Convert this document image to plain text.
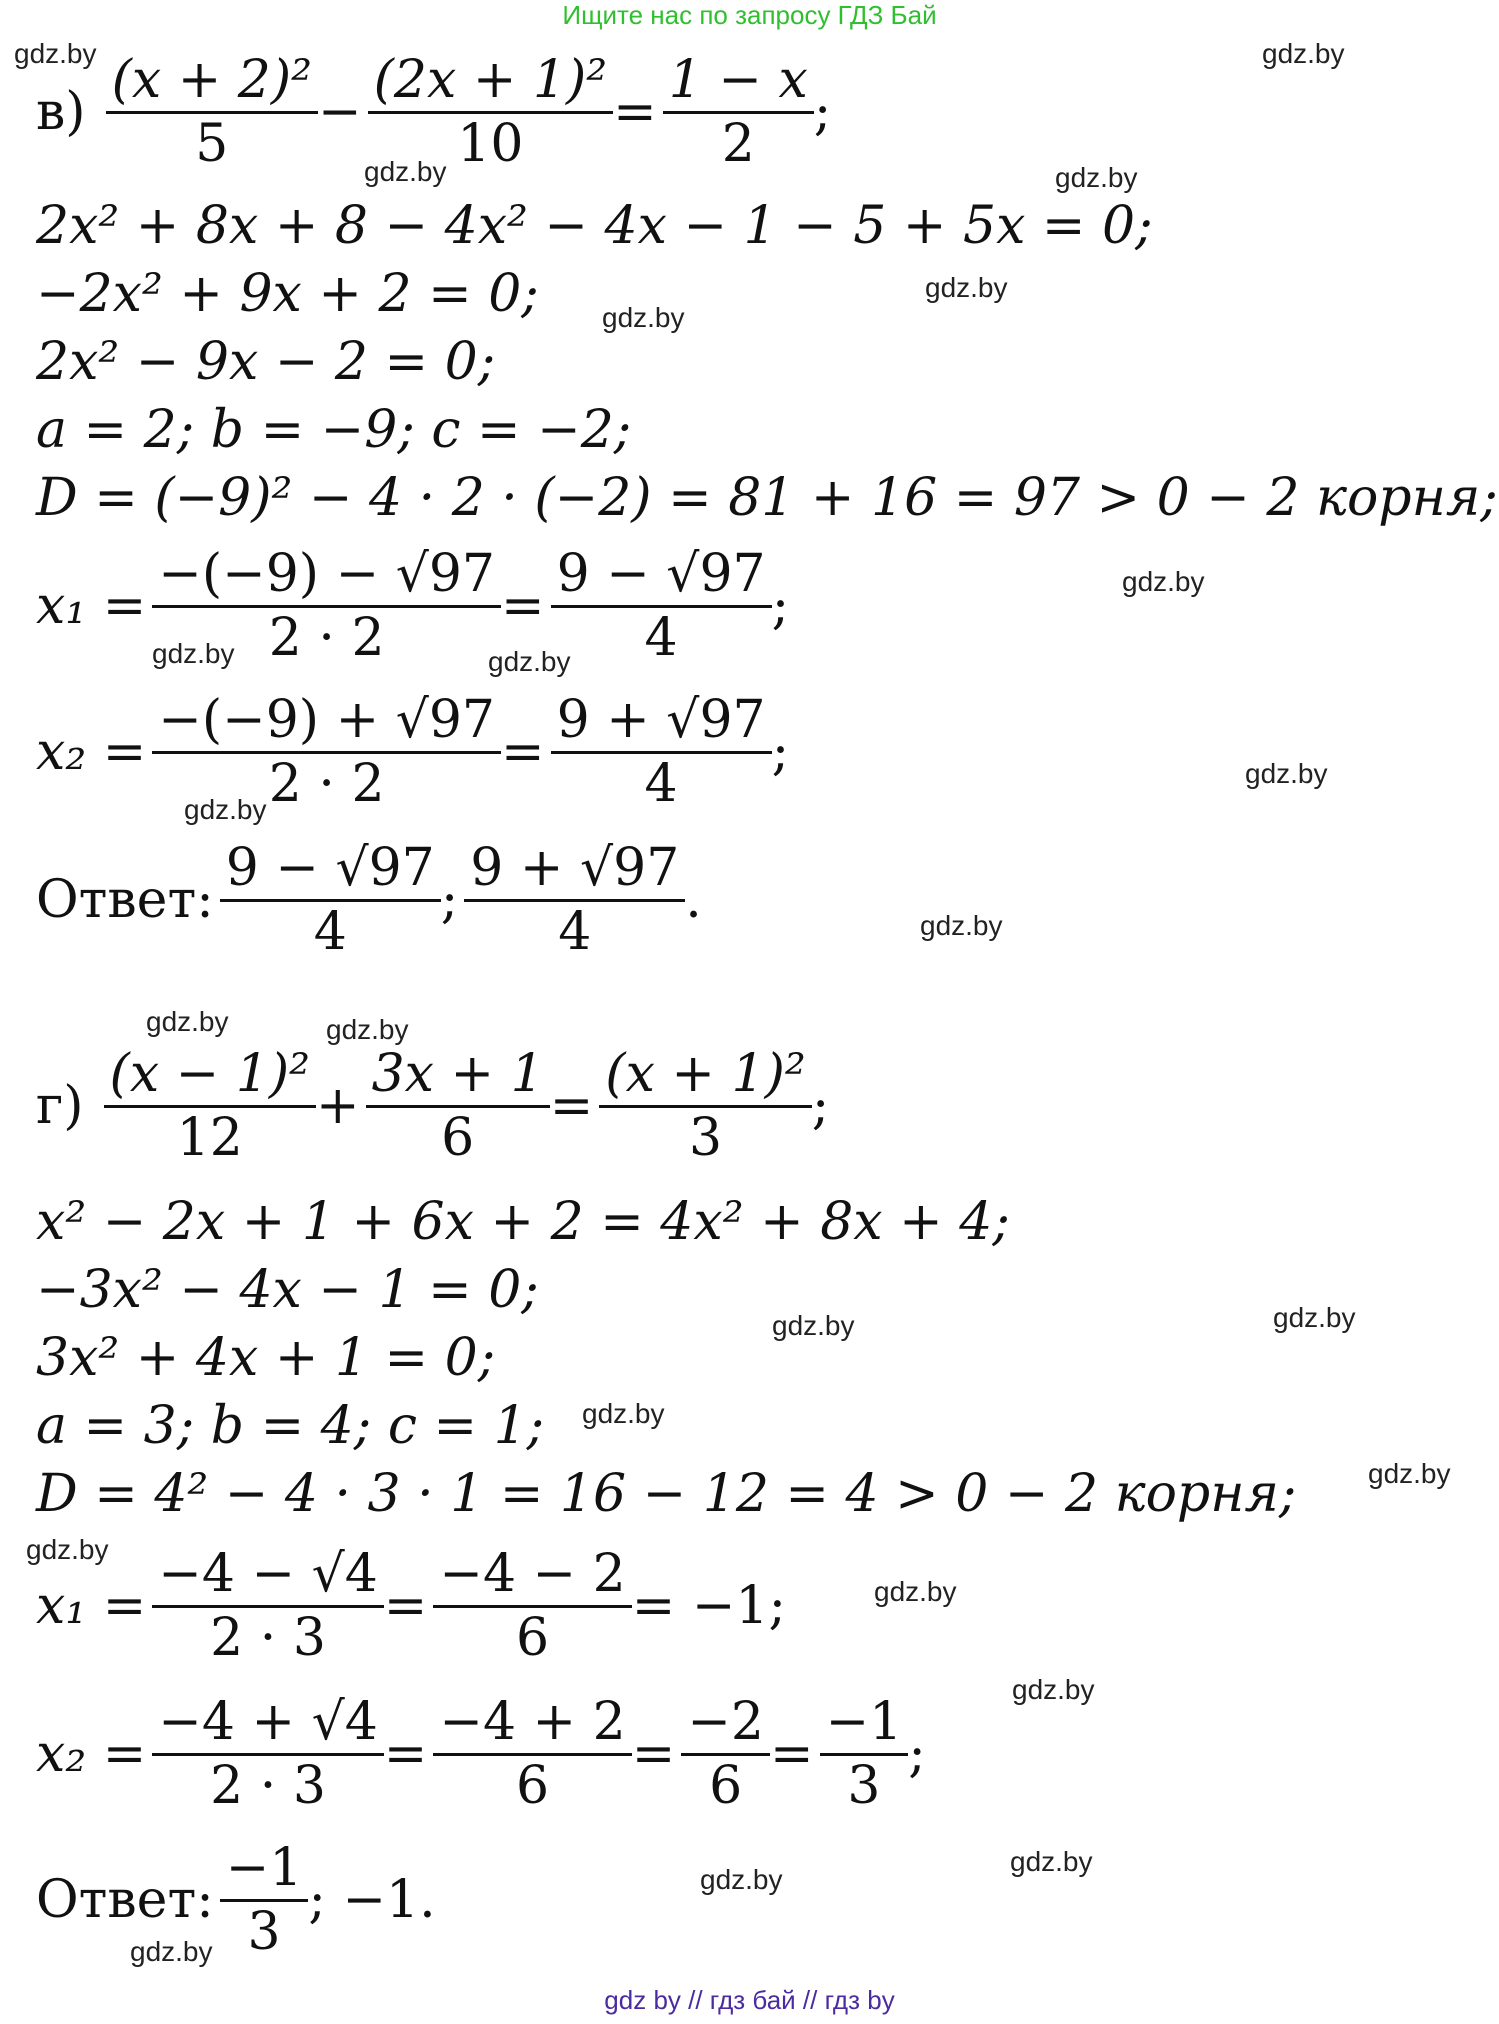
Ищите нас по запросу ГДЗ Бай
gdz.by	gdz.by
gdz.by	gdz.by
gdz.by
gdz.by
gdz.by
gdz.by	gdz.by
gdz.by
gdz.by
gdz.by
gdz.by	gdz.by
gdz.by	gdz.by
gdz.by
gdz.by
gdz.by
gdz.by
gdz.by
gdz.by
gdz.by
gdz.by
$в) \frac{\text{(x + 2)²}}{5} - \frac{\text{(2x + 1)²}}{10} = \frac{1 - x}{2}$ ;
2x² + 8x + 8 − 4x² − 4x − 1 − 5 + 5x = 0;
−2x² + 9x + 2 = 0;
2x² − 9x − 2 = 0;
a = 2; b = −9; c = −2;
D = (−9)² − 4 · 2 · (−2) = 81 + 16 = 97 > 0 − 2 корня;
$x_1 = \frac{-(-9) - √97}{2 \cdot 2} = \frac{9 - √97}{4}$ ;
$x_2 = \frac{-(-9) + √97}{2 \cdot 2} = \frac{9 + √97}{4}$ ;
Ответ: $\frac{9 - √97}{4}$ ; $\frac{9 + √97}{4}$ .
$г) \frac{\text{(x − 1)²}}{12} + \frac{3x + 1}{6} = \frac{\text{(x + 1)²}}{3}$ ;
x² − 2x + 1 + 6x + 2 = 4x² + 8x + 4;
−3x² − 4x − 1 = 0;
3x² + 4x + 1 = 0;
a = 3; b = 4; c = 1;
D = 4² − 4 · 3 · 1 = 16 − 12 = 4 > 0 − 2 корня;
$x_1 = \frac{-4 - √4}{2 \cdot 3} = \frac{-4 - 2}{6} = -1$;
$x_2 = \frac{-4 + √4}{2 \cdot 3} = \frac{-4 + 2}{6} = \frac{-2}{6} = \frac{-1}{3}$ ;
Ответ: $\frac{-1}{3}$ ; −1.
gdz by // гдз бай // гдз by
